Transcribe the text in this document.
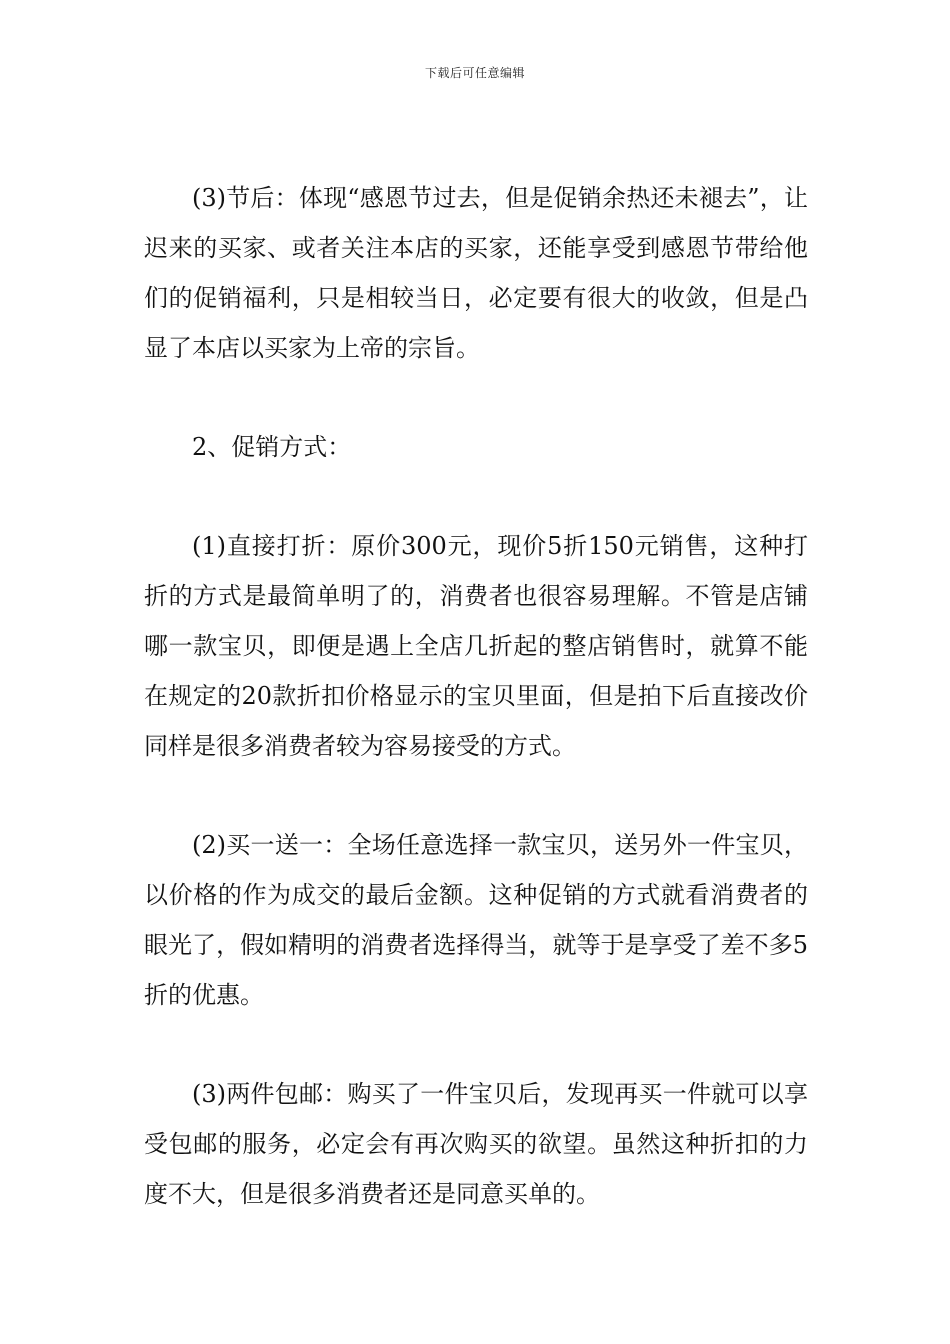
下载后可任意编辑

(3)节后：体现“感恩节过去，但是促销余热还未褪去”，让迟来的买家、或者关注本店的买家，还能享受到感恩节带给他们的促销福利，只是相较当日，必定要有很大的收敛，但是凸显了本店以买家为上帝的宗旨。

2、促销方式：

(1)直接打折：原价300元，现价5折150元销售，这种打折的方式是最简单明了的，消费者也很容易理解。不管是店铺哪一款宝贝，即便是遇上全店几折起的整店销售时，就算不能在规定的20款折扣价格显示的宝贝里面，但是拍下后直接改价同样是很多消费者较为容易接受的方式。

(2)买一送一：全场任意选择一款宝贝，送另外一件宝贝，以价格的作为成交的最后金额。这种促销的方式就看消费者的眼光了，假如精明的消费者选择得当，就等于是享受了差不多5折的优惠。

(3)两件包邮：购买了一件宝贝后，发现再买一件就可以享受包邮的服务，必定会有再次购买的欲望。虽然这种折扣的力度不大，但是很多消费者还是同意买单的。
